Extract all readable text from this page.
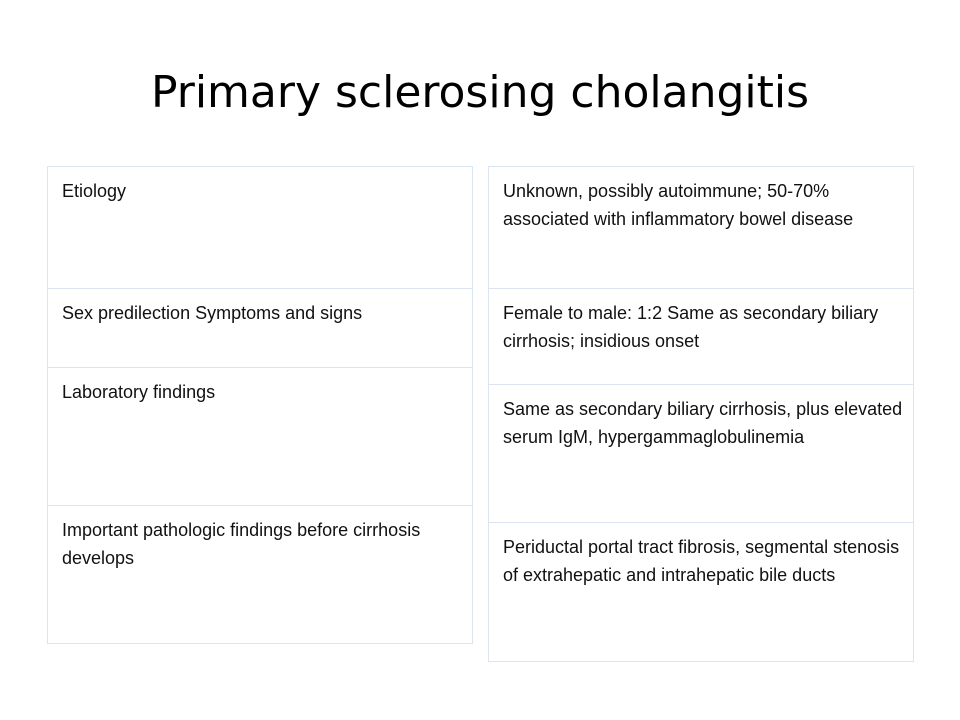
Primary sclerosing cholangitis
Etiology
Sex predilection Symptoms and signs
Laboratory findings
Important pathologic findings before cirrhosis develops
Unknown, possibly autoimmune; 50-70% associated with inflammatory bowel disease
Female to male: 1:2 Same as secondary biliary cirrhosis; insidious onset
Same as secondary biliary cirrhosis, plus elevated serum IgM, hypergammaglobulinemia
Periductal portal tract fibrosis, segmental stenosis of extrahepatic and intrahepatic bile ducts
